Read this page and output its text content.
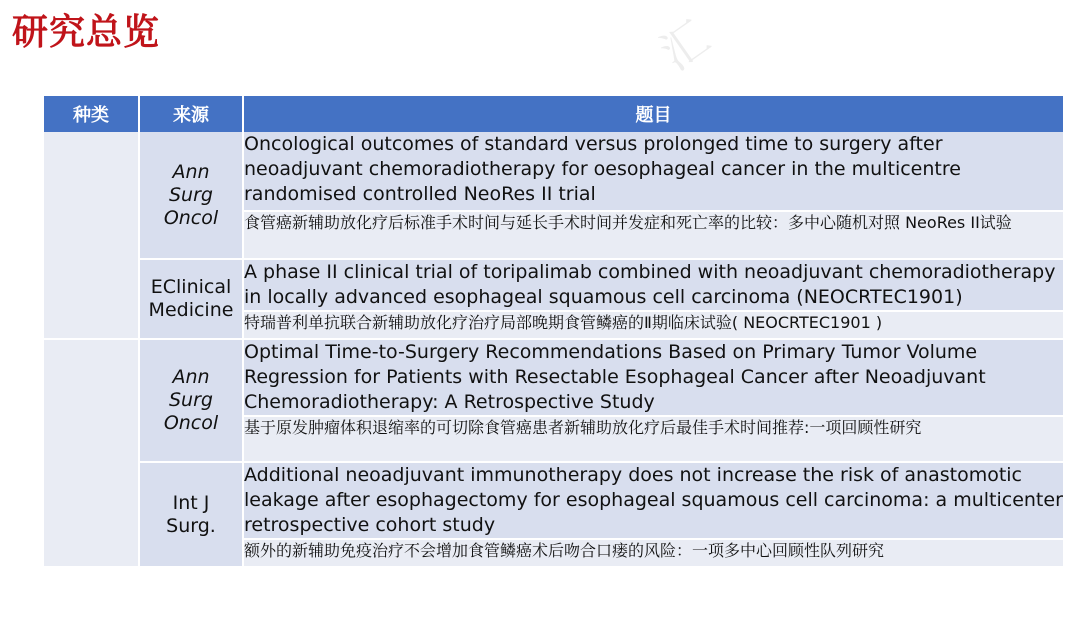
研究总览	汇
种类	来源	题目
	Ann Surg Oncol	Oncological outcomes of standard versus prolonged time to surgery after neoadjuvant chemoradiotherapy for oesophageal cancer in the multicentre randomised controlled NeoRes II trial
		食管癌新辅助放化疗后标准手术时间与延长手术时间并发症和死亡率的比较：多中心随机对照 NeoRes II试验
	EClinical Medicine	A phase II clinical trial of toripalimab combined with neoadjuvant chemoradiotherapy in locally advanced esophageal squamous cell carcinoma (NEOCRTEC1901)
		特瑞普利单抗联合新辅助放化疗治疗局部晚期食管鳞癌的Ⅱ期临床试验( NEOCRTEC1901 )
	Ann Surg Oncol	Optimal Time-to-Surgery Recommendations Based on Primary Tumor Volume Regression for Patients with Resectable Esophageal Cancer after Neoadjuvant Chemoradiotherapy: A Retrospective Study
		基于原发肿瘤体积退缩率的可切除食管癌患者新辅助放化疗后最佳手术时间推荐:一项回顾性研究
	Int J Surg.	Additional neoadjuvant immunotherapy does not increase the risk of anastomotic leakage after esophagectomy for esophageal squamous cell carcinoma: a multicenter retrospective cohort study
		额外的新辅助免疫治疗不会增加食管鳞癌术后吻合口瘘的风险：一项多中心回顾性队列研究
